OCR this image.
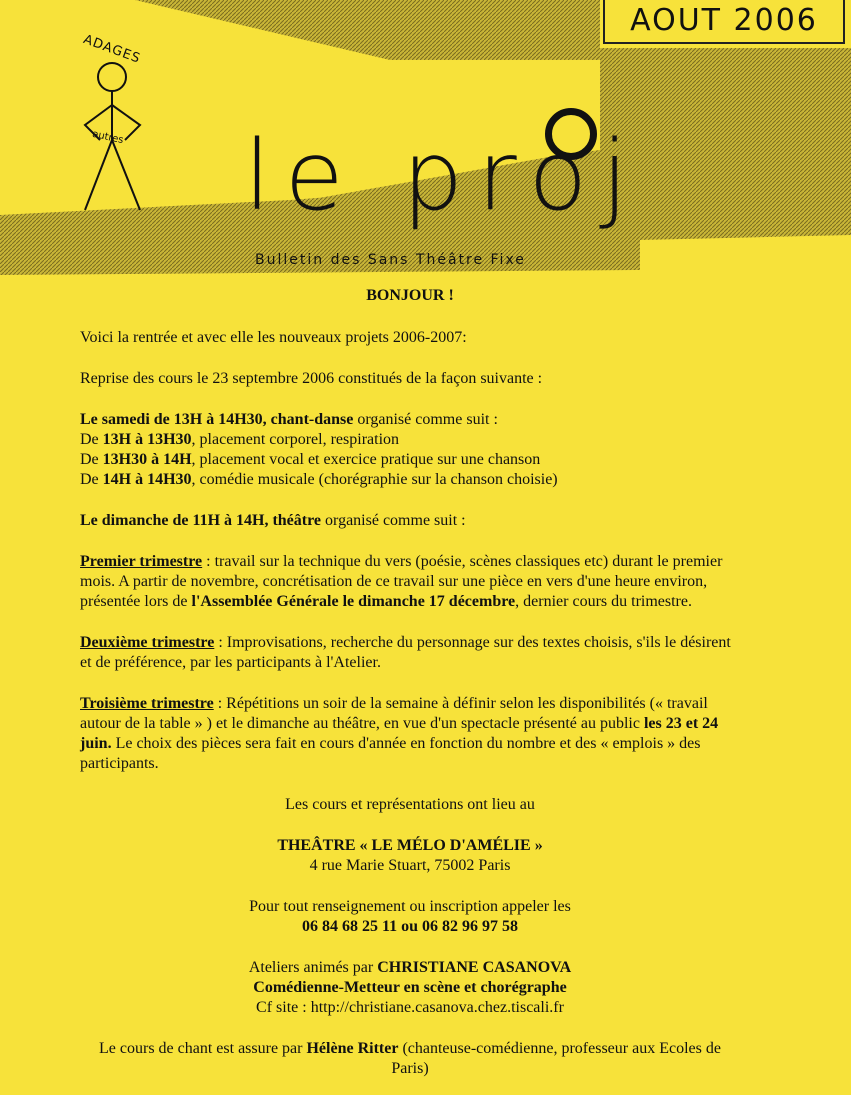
AOUT 2006
le proj
Bulletin des Sans Théâtre Fixe
ADAGES
autres

BONJOUR !

Voici la rentrée et avec elle les nouveaux projets 2006-2007:

Reprise des cours le 23 septembre 2006 constitués de la façon suivante :

Le samedi de 13H à 14H30, chant-danse organisé comme suit :

De 13H à 13H30, placement corporel, respiration

De 13H30 à 14H, placement vocal et exercice pratique sur une chanson

De 14H à 14H30, comédie musicale (chorégraphie sur la chanson choisie)

Le dimanche de 11H à 14H, théâtre organisé comme suit :

Premier trimestre : travail sur la technique du vers (poésie, scènes classiques etc) durant le premier mois. A partir de novembre, concrétisation de ce travail sur une pièce en vers d'une heure environ, présentée lors de l'Assemblée Générale le dimanche 17 décembre, dernier cours du trimestre.

Deuxième trimestre : Improvisations, recherche du personnage sur des textes choisis, s'ils le désirent et de préférence, par les participants à l'Atelier.

Troisième trimestre : Répétitions un soir de la semaine à définir selon les disponibilités (« travail autour de la table » ) et le dimanche au théâtre, en vue d'un spectacle présenté au public les 23 et 24 juin. Le choix des pièces sera fait en cours d'année en fonction du nombre et des « emplois » des participants.

Les cours et représentations ont lieu au

THEÂTRE « LE MÉLO D'AMÉLIE »

4 rue Marie Stuart, 75002 Paris

Pour tout renseignement ou inscription appeler les

06 84 68 25 11 ou 06 82 96 97 58

Ateliers animés par CHRISTIANE CASANOVA

Comédienne-Metteur en scène et chorégraphe

Cf site : http://christiane.casanova.chez.tiscali.fr

Le cours de chant est assure par Hélène Ritter (chanteuse-comédienne, professeur aux Ecoles de Paris)
